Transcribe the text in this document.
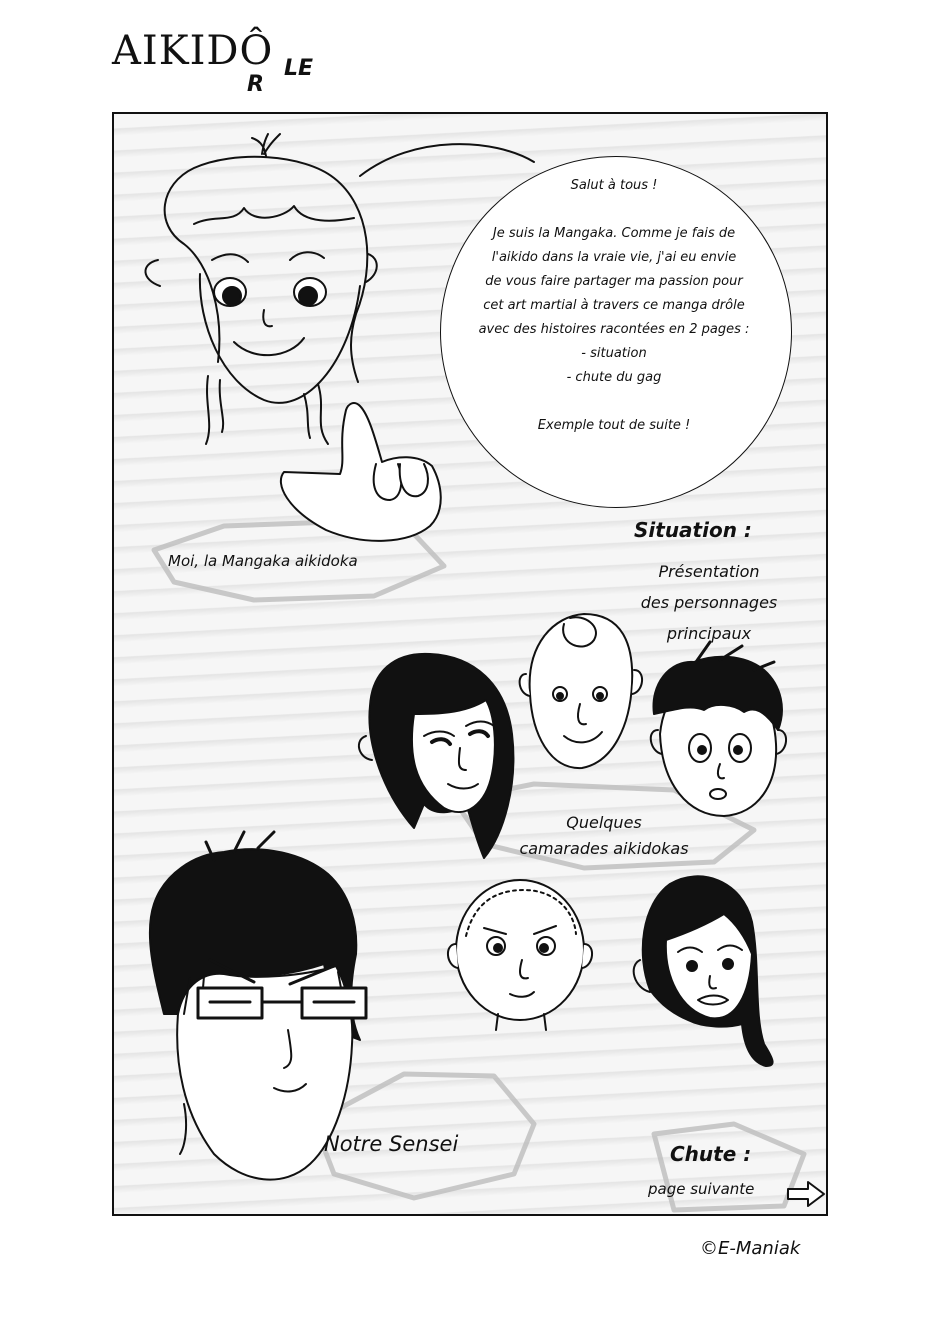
AIKIDÔ
R
LE
Salut à tous !
Je suis la Mangaka. Comme je fais de
l'aikido dans la vraie vie, j'ai eu envie
de vous faire partager ma passion pour
cet art martial à travers ce manga drôle
avec des histoires racontées en 2 pages :
- situation
- chute du gag
Exemple tout de suite !
Moi, la Mangaka aikidoka
Situation :
Présentation
des personnages
principaux
Quelques
camarades aikidokas
Notre Sensei	Chute :
page suivante
©E-Maniak
